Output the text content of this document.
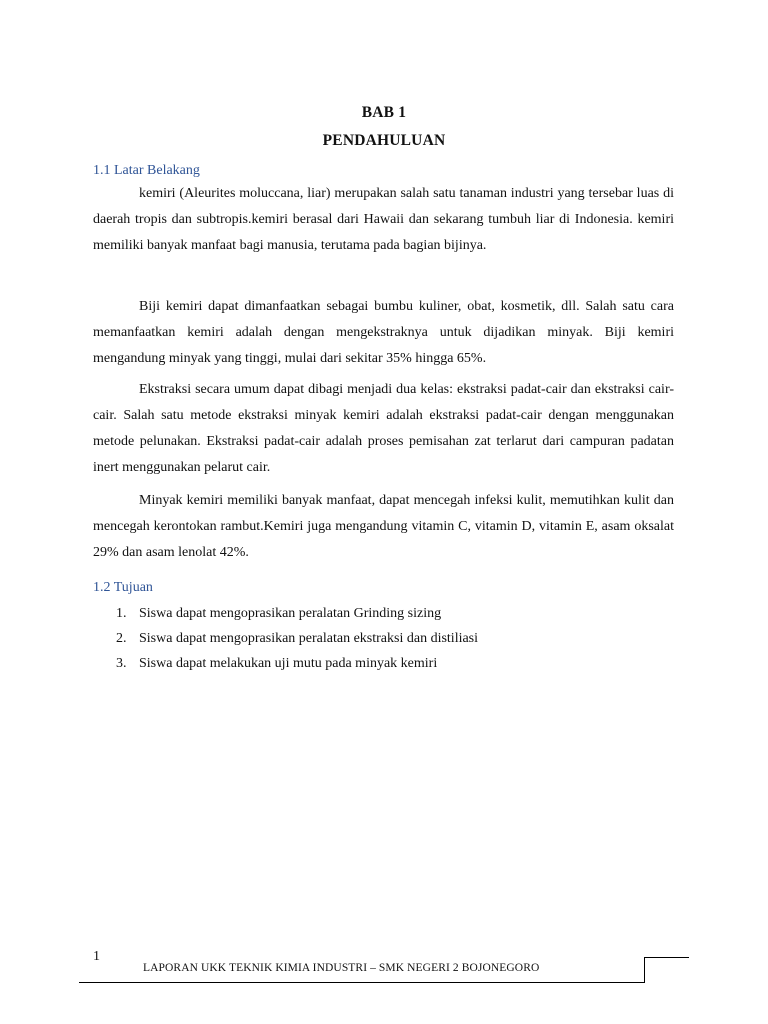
BAB 1
PENDAHULUAN
1.1 Latar Belakang

kemiri (Aleurites moluccana, liar) merupakan salah satu tanaman industri yang tersebar luas di daerah tropis dan subtropis.kemiri berasal dari Hawaii dan sekarang tumbuh liar di Indonesia. kemiri memiliki banyak manfaat bagi manusia, terutama pada bagian bijinya.

Biji kemiri dapat dimanfaatkan sebagai bumbu kuliner, obat, kosmetik, dll. Salah satu cara memanfaatkan kemiri adalah dengan mengekstraknya untuk dijadikan minyak. Biji kemiri mengandung minyak yang tinggi, mulai dari sekitar 35% hingga 65%.

Ekstraksi secara umum dapat dibagi menjadi dua kelas: ekstraksi padat-cair dan ekstraksi cair-cair. Salah satu metode ekstraksi minyak kemiri adalah ekstraksi padat-cair dengan menggunakan metode pelunakan. Ekstraksi padat-cair adalah proses pemisahan zat terlarut dari campuran padatan inert menggunakan pelarut cair.

Minyak kemiri memiliki banyak manfaat, dapat mencegah infeksi kulit, memutihkan kulit dan mencegah kerontokan rambut.Kemiri juga mengandung vitamin C, vitamin D, vitamin E, asam oksalat 29% dan asam lenolat 42%.

1.2 Tujuan
1. Siswa dapat mengoprasikan peralatan Grinding sizing
2. Siswa dapat mengoprasikan peralatan ekstraksi dan distiliasi
3. Siswa dapat melakukan uji mutu pada minyak kemiri
1
LAPORAN UKK TEKNIK KIMIA INDUSTRI – SMK NEGERI 2 BOJONEGORO
